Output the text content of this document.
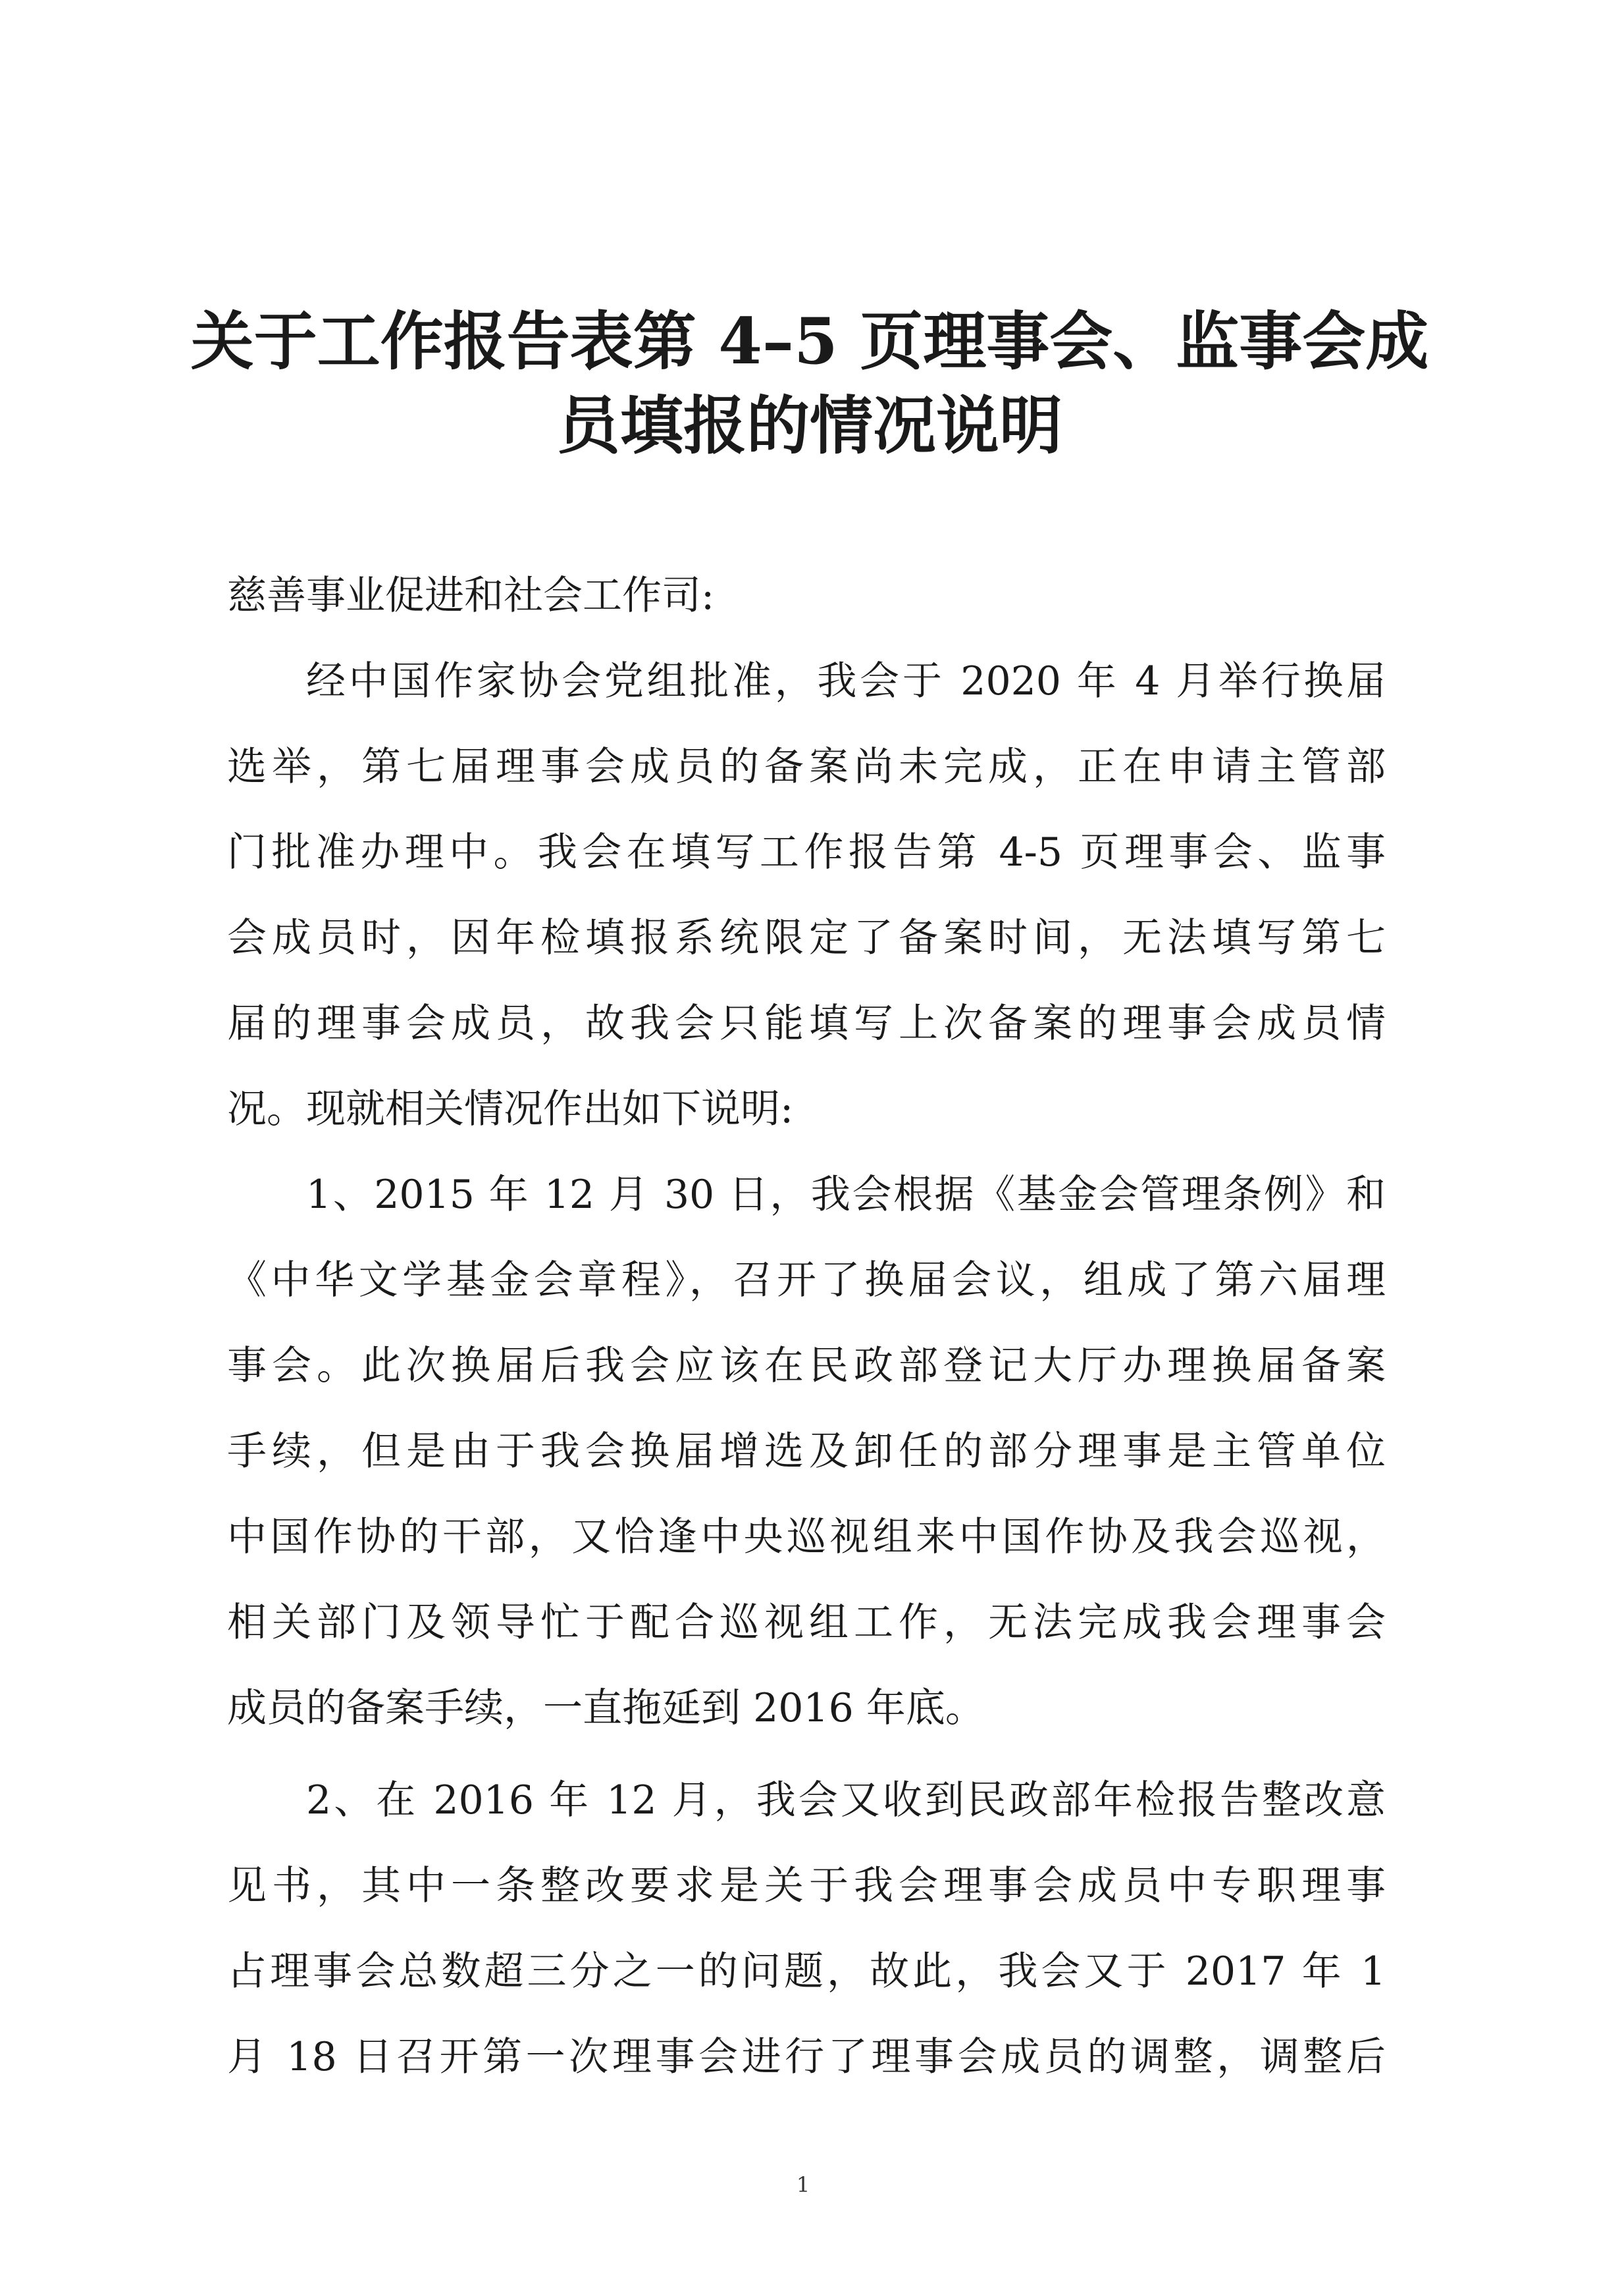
关于工作报告表第 4–5 页理事会、监事会成
员填报的情况说明
慈善事业促进和社会工作司:
经中国作家协会党组批准，我会于 2020 年 4 月举行换届
选举，第七届理事会成员的备案尚未完成，正在申请主管部
门批准办理中。我会在填写工作报告第 4-5 页理事会、监事
会成员时，因年检填报系统限定了备案时间，无法填写第七
届的理事会成员，故我会只能填写上次备案的理事会成员情
况。现就相关情况作出如下说明:
1、2015 年 12 月 30 日，我会根据《基金会管理条例》和
《中华文学基金会章程》，召开了换届会议，组成了第六届理
事会。此次换届后我会应该在民政部登记大厅办理换届备案
手续，但是由于我会换届增选及卸任的部分理事是主管单位
中国作协的干部，又恰逢中央巡视组来中国作协及我会巡视，
相关部门及领导忙于配合巡视组工作，无法完成我会理事会
成员的备案手续，一直拖延到 2016 年底。
2、在 2016 年 12 月，我会又收到民政部年检报告整改意
见书，其中一条整改要求是关于我会理事会成员中专职理事
占理事会总数超三分之一的问题，故此，我会又于 2017 年 1
月 18 日召开第一次理事会进行了理事会成员的调整，调整后
1
